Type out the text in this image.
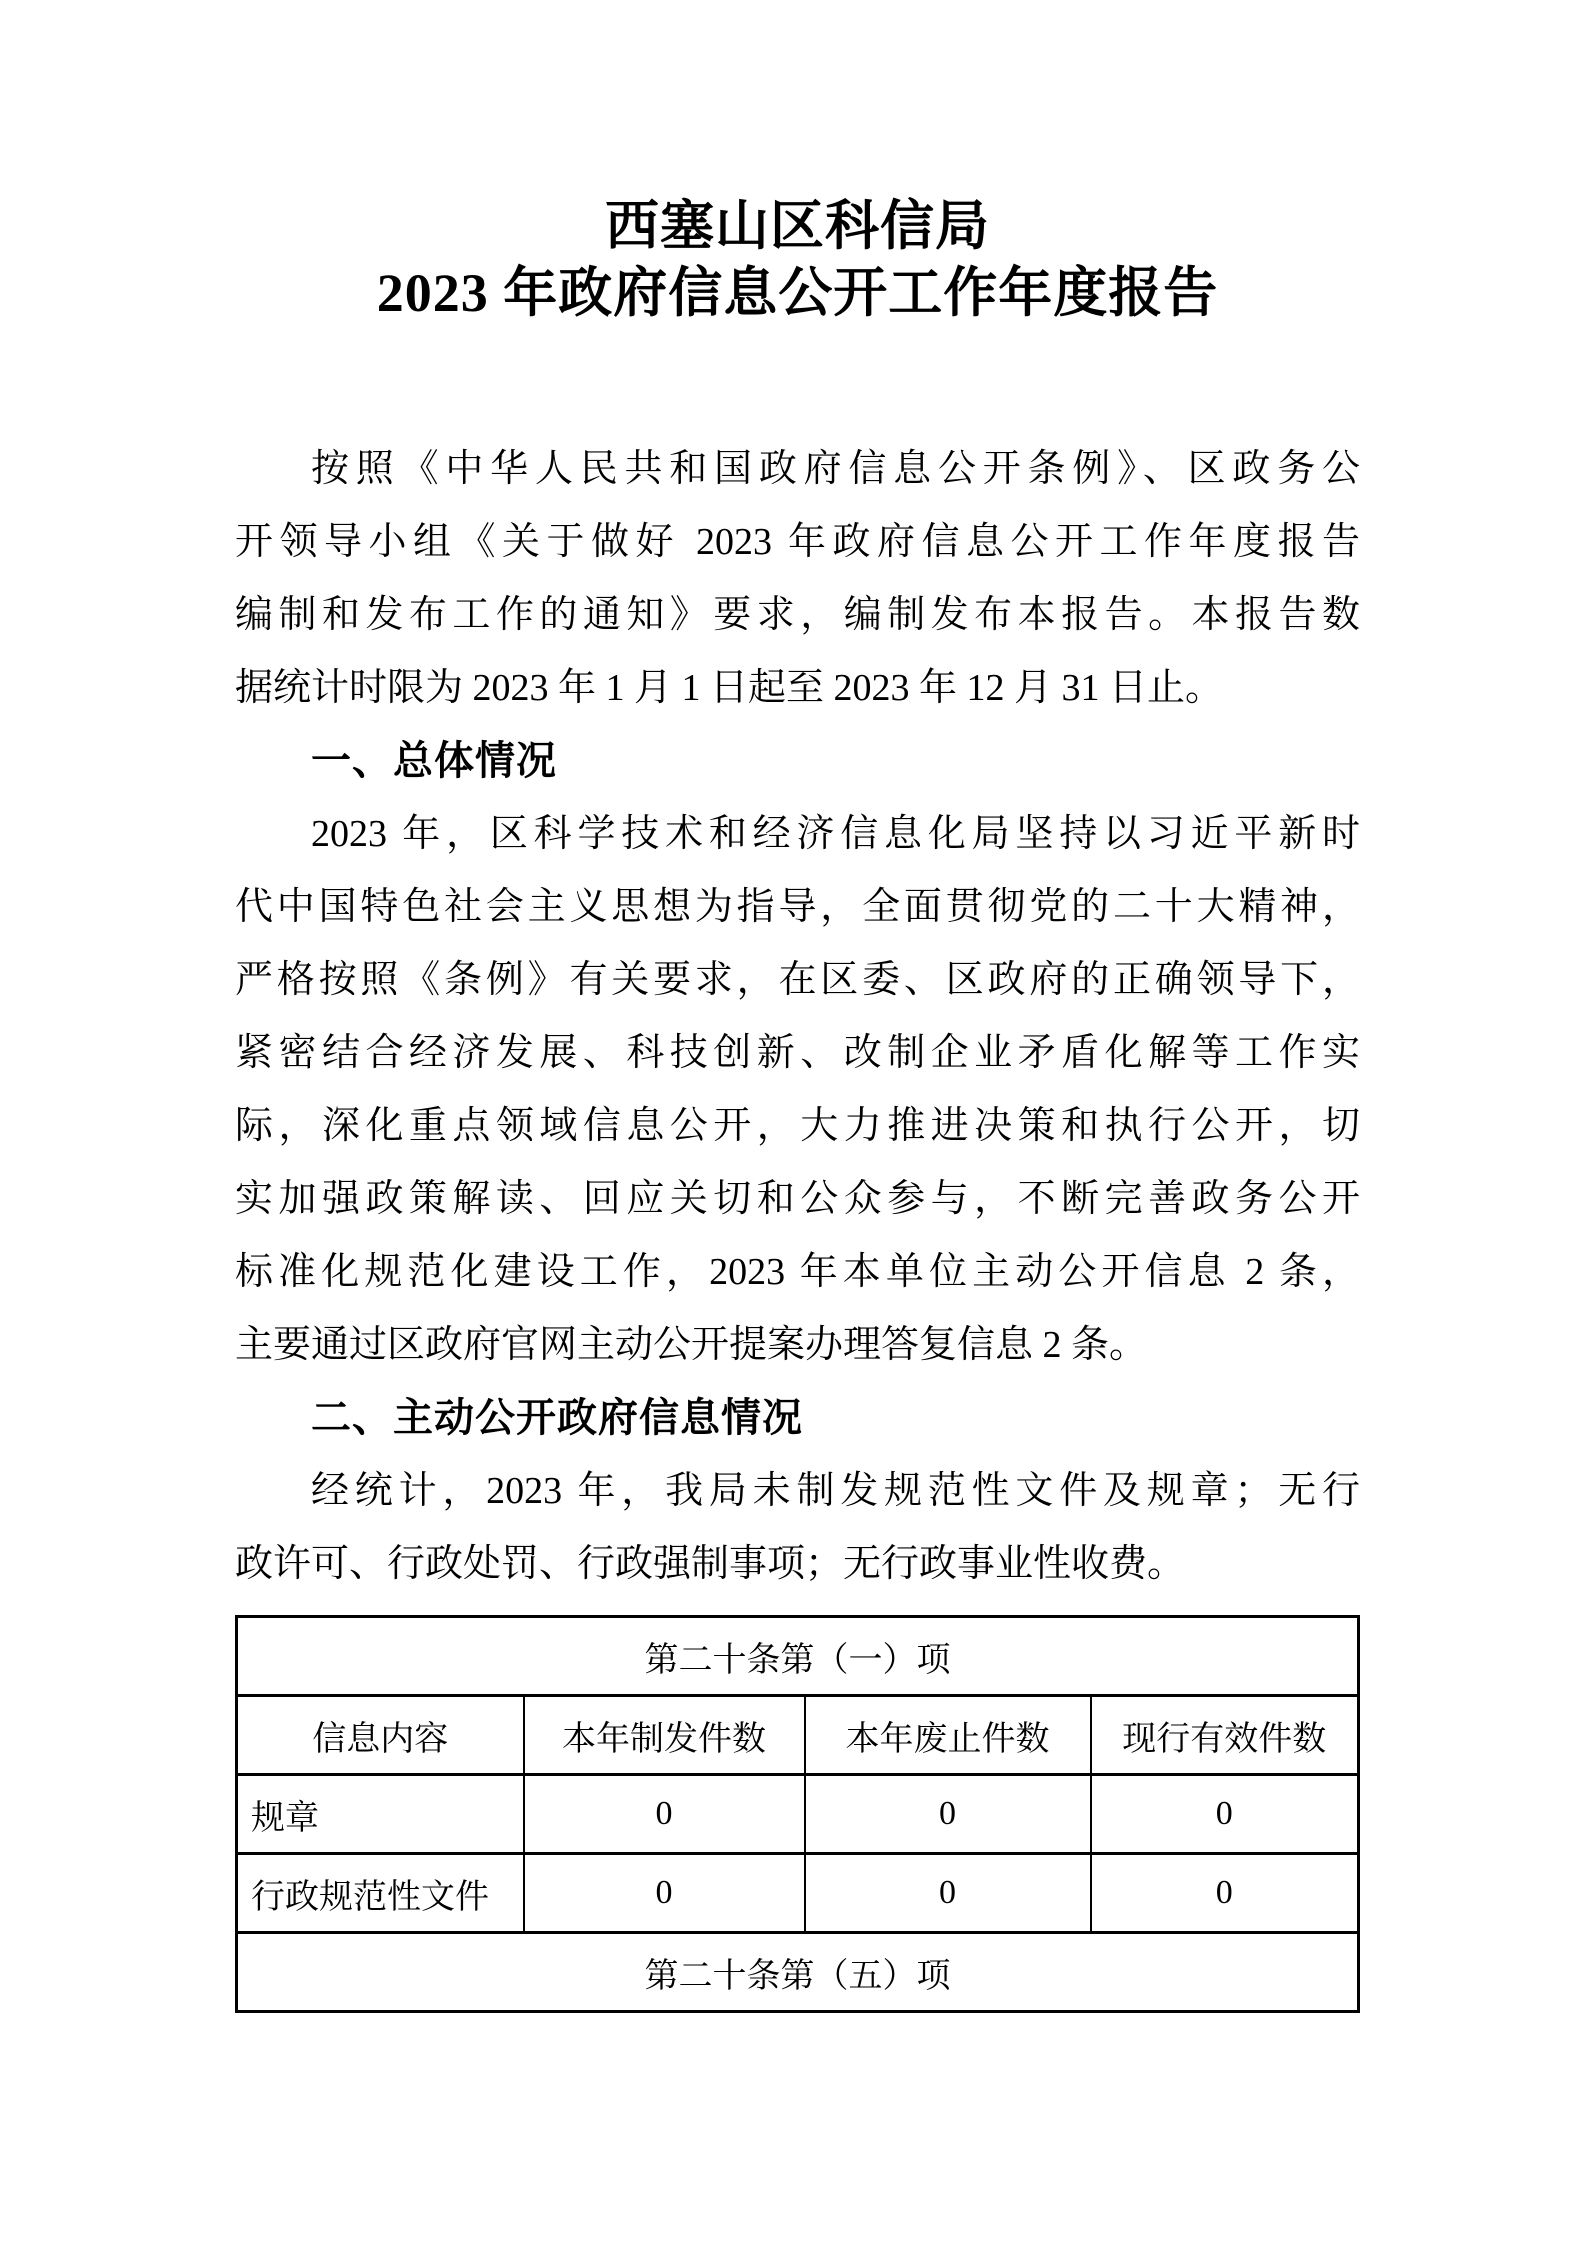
西塞山区科信局
2023 年政府信息公开工作年度报告
按照《中华人民共和国政府信息公开条例》、区政务公
开领导小组《关于做好 2023 年政府信息公开工作年度报告
编制和发布工作的通知》要求，编制发布本报告。本报告数
据统计时限为 2023 年 1 月 1 日起至 2023 年 12 月 31 日止。
一、总体情况
2023 年，区科学技术和经济信息化局坚持以习近平新时
代中国特色社会主义思想为指导，全面贯彻党的二十大精神，
严格按照《条例》有关要求，在区委、区政府的正确领导下，
紧密结合经济发展、科技创新、改制企业矛盾化解等工作实
际，深化重点领域信息公开，大力推进决策和执行公开，切
实加强政策解读、回应关切和公众参与，不断完善政务公开
标准化规范化建设工作，2023 年本单位主动公开信息 2 条，
主要通过区政府官网主动公开提案办理答复信息 2 条。
二、主动公开政府信息情况
经统计，2023 年，我局未制发规范性文件及规章；无行
政许可、行政处罚、行政强制事项；无行政事业性收费。
第二十条第（一）项			
信息内容	本年制发件数	本年废止件数	现行有效件数
规章	0	0	0
行政规范性文件	0	0	0
第二十条第（五）项			
